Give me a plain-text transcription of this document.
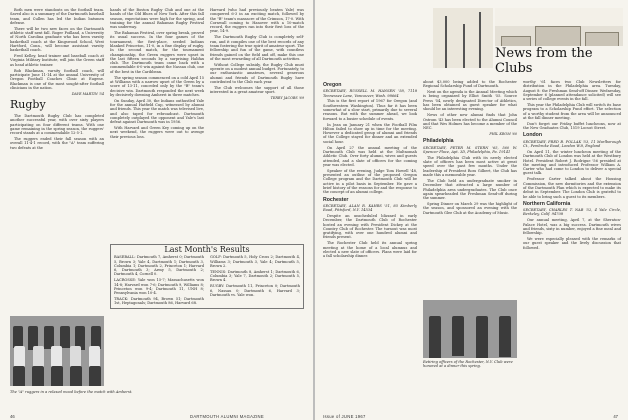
Both men were standouts on the football team. Saved also is a summary of the Dartmouth baseball team, and Cullen has led the Indian batsmen defense.

There will be two new faces on the Dartmouth athletic staff next fall. Roger Poilland, a University of North Carolina graduate who has been varsity basketball coach at the Kingswood School, West Hartford, Conn., will become assistant varsity basketball coach.

Fred Kelley, head trainer and baseball coach at Virginia Military Institute, will join the Green staff as head athletic trainer.

Bob Blackman, varsity football coach, will participate June 11-14 at the annual University of Oregon Football Coaches Clinic at Eugene. Blackman is one of the most sought-after football clinicians in the nation.

DAVE MARTIN '54
Rugby

The Dartmouth Rugby Club has completed another successful year, with over sixty players participating on four different teams. With one game remaining in the spring season, the ruggers' record stands at a commendable 12-5-1.

The ruggers ended their fall season with an overall 11-4-1 record, with the "A" team suffering two defeats at the

hands of the Boston Rugby Club and one at the hands of the Old Blues of New York. After this fall season, expectations were high for the spring, and training for the annual Bahamas Rugby Festival was underway.

The Bahamas Festival, over spring break, proved its usual success. In the four games of the tournament, the first-place, seeded Indians blanked Princeton, 11-0, in a fine display of rugby. In the second match, for the tournament championship, the Green ruggers were upset in the last fifteen seconds by a surprising Halifax club. The Dartmouth team came back with a commendable 6-0 win against the Nassau club, one of the best in the Caribbean.

The spring season commenced on a cold April 15 at Williams with a narrow upset of the Green by a score of 13-11, conceded only by the "B" team's decisive win. Dartmouth responded the next week by decisively downing Amherst in three matches.

On Sunday, April 30, the Indians outhustled Yale for the annual Hatfield Cup, witnessed by alumni and friends. This year the match was televised live, and also taped for rebroadcast. Dartmouth completely outplayed the opponent and Yale's last defeat against Dartmouth was in 1956.

With Harvard and Green Key coming up on the next weekend, the ruggers were out to avenge their previous loss.

Harvard (who had previously beaten Yale) was conquered 6-3 in an exciting match, followed by the "B" team's massacre of the Crimson, 17-0. With Cornwall coming to Hanover with a 10-match record, the ruggers ran into their first loss of the year, 14-9.

The Dartmouth Rugby Club is completely self-run, and it compiles one of the best records of any team fostering the true spirit of amateur sport. The fellowship and fun of the game, with countless friends gained on the field and off, make this one of the most rewarding of all Dartmouth activities.

Without College subsidy, the Rugby Club must operate on a modest annual budget. Fortunately, to our enthusiastic amateurs, several generous alumni and friends of Dartmouth Rugby have contributed to the Club each year.

The Club welcomes the support of all those interested in a great amateur sport.

TERRY JACOBS '69
Last Month's Results

BASEBALL: Dartmouth 7, Amherst 0; Dartmouth 5, Brown 3; Yale 4, Dartmouth 1; Dartmouth 3, Columbia 1; Dartmouth 2, Princeton 1; Harvard 6, Dartmouth 3; Army 5, Dartmouth 2; Dartmouth 4, Cornell 0.

LACROSSE: Yale won 15-7; Massachusetts won 14-8; Harvard won 7-6; Dartmouth 9, Williams 8; Princeton won 9-4; Dartmouth 11, UNH 8; Pennsylvania won 10-4.

TRACK: Dartmouth 94, Brown 51; Dartmouth 1st, Heptagonals; Dartmouth 86, Harvard 68.

GOLF: Dartmouth 5, Holy Cross 2; Dartmouth 4, Williams 3; Dartmouth 3, Yale 4; Dartmouth 5, Brown 2.

TENNIS: Dartmouth 8, Amherst 1; Dartmouth 6, Columbia 3; Yale 7, Dartmouth 2; Dartmouth 5, Brown 4.

RUGBY: Dartmouth 11, Princeton 0; Dartmouth 6, Nassau 0; Dartmouth 6, Harvard 3; Dartmouth vs. Yale won.

The "A" ruggers in a relaxed mood before the match with Amherst.
46	DARTMOUTH ALUMNI MAGAZINE
News from the Clubs
Oregon

SECRETARY, RUSSELL M. HANSEN '58, 7118 Tennessee Lane, Vancouver, Wash. 98664

This is the first report of 1967 for Oregon (and Southwestern Washington). Thus far it has been somewhat of a slow start, primarily due to several reasons. But with the summer ahead, we look forward to a busier schedule of events.

In Jean on January 21 when the Football Film Hilton failed to show up in time for the meeting. However a dedicated group of alumni and friends of the College stayed for dinner and an extended social hour.

On April 27 the annual meeting of the Dartmouth Club was held at the Multnomah Athletic Club. Over forty alumni, wives and guests attended, and a slate of officers for the coming year was elected.

Speaker of the evening, Judge Tom Howell '48, presented an outline of the proposed Oregon College program and the Dartmouth Club will be active in a pilot basis in September. He gave a brief history of the reasons for and the response to the concept of an alumni college.

Rochester

SECRETARY, ALAN R. KAHRS '51, 85 Kimberly Road, Pittsford, N.Y. 14534

Despite an unscheduled blizzard in early December, the Dartmouth Club of Rochester hosted an evening with President Dickey at the Country Club of Rochester. The turnout was most gratifying, with over one hundred alumni and friends present.

The Rochester Club held its annual spring meeting at the home of a local alumnus and elected a new slate of officers. Plans were laid for a fall scholarship dinner.

about $3,000 being added to the Rochester Regional Scholarship Fund of Dartmouth.

Next on the agenda is the Annual Meeting which is being organized by Elliot Smith '55. Source Press '54, newly designated Director of Athletics, has been obtained as guest speaker for what should be an interesting evening.

News of other new alumni finds that John Ostrom '43 has been elected to the Alumni Council and that Wes Holmes has become a member of the NEC.

PHIL KROM '60
Philadelphia

SECRETARY, PETER M. STERN '65, 560 W. Spencer Place, Apt. 3D, Philadelphia, Pa. 19141

The Philadelphia Club with its newly elected slate of officers has been most active at great speed over the past few months. Under the leadership of President Ross Gilbert, the Club has made this a memorable year.

The Club held an undergraduate smoker in December that attracted a large number of Philadelphia area undergraduates. The Club once again spearheaded the Freshman Send-off during the summer.

Spring Dinner on March 29 was the highlight of the season, and sponsored an evening with the Dartmouth Glee Club at the Academy of Music.

Retiring officers of the Rochester, N.Y. Club were honored at a dinner this spring.

worthy '61 faces two Club Newsletters for distribution in the Philadelphia area. Tuesday, August 8: the Freshman Send-off Dinner. Wednesday, September 6 (planned attendance solicited) will see a series of college events in the fall.

This year the Philadelphia Club will switch its base program to a Scholarship Fund effort. The selection of a worthy student from the area will be announced at the fall dinner meeting.

Don't forget our Friday buffet luncheons, now at the New Graduates Club, 1519 Locust Street.

London

SECRETARY, FRED B. POLLAK '53, 11 Marlborough Ct., Pembroke Road, London W.8, England

On April 11, the winter luncheon meeting of the Dartmouth Club of London was held at the Westbury Hotel. President Robert J. Rodrigue '56 presided at the meeting and introduced Professor William A. Carter who had come to London to deliver a special guest talk.

Professor Carter talked about the Housing Commission, the new dormitories and the extension of the Dartmouth Plan which is expected to make its debut in September. The London Club is grateful to be able to bring such a guest to its members.

Northern California

SECRETARY, CHARLES T. NAB '52, 4 Yale Circle, Berkeley, Calif. 94708

Our annual meeting, April 7, at the Sheraton-Palace Hotel, was a big success. Dartmouth wives and friends, sixty in number, enjoyed a fine meal and fellowship.

We were especially pleased with the remarks of our guest speaker and the lively discussion that followed.

Issue of JUNE 1967	47
